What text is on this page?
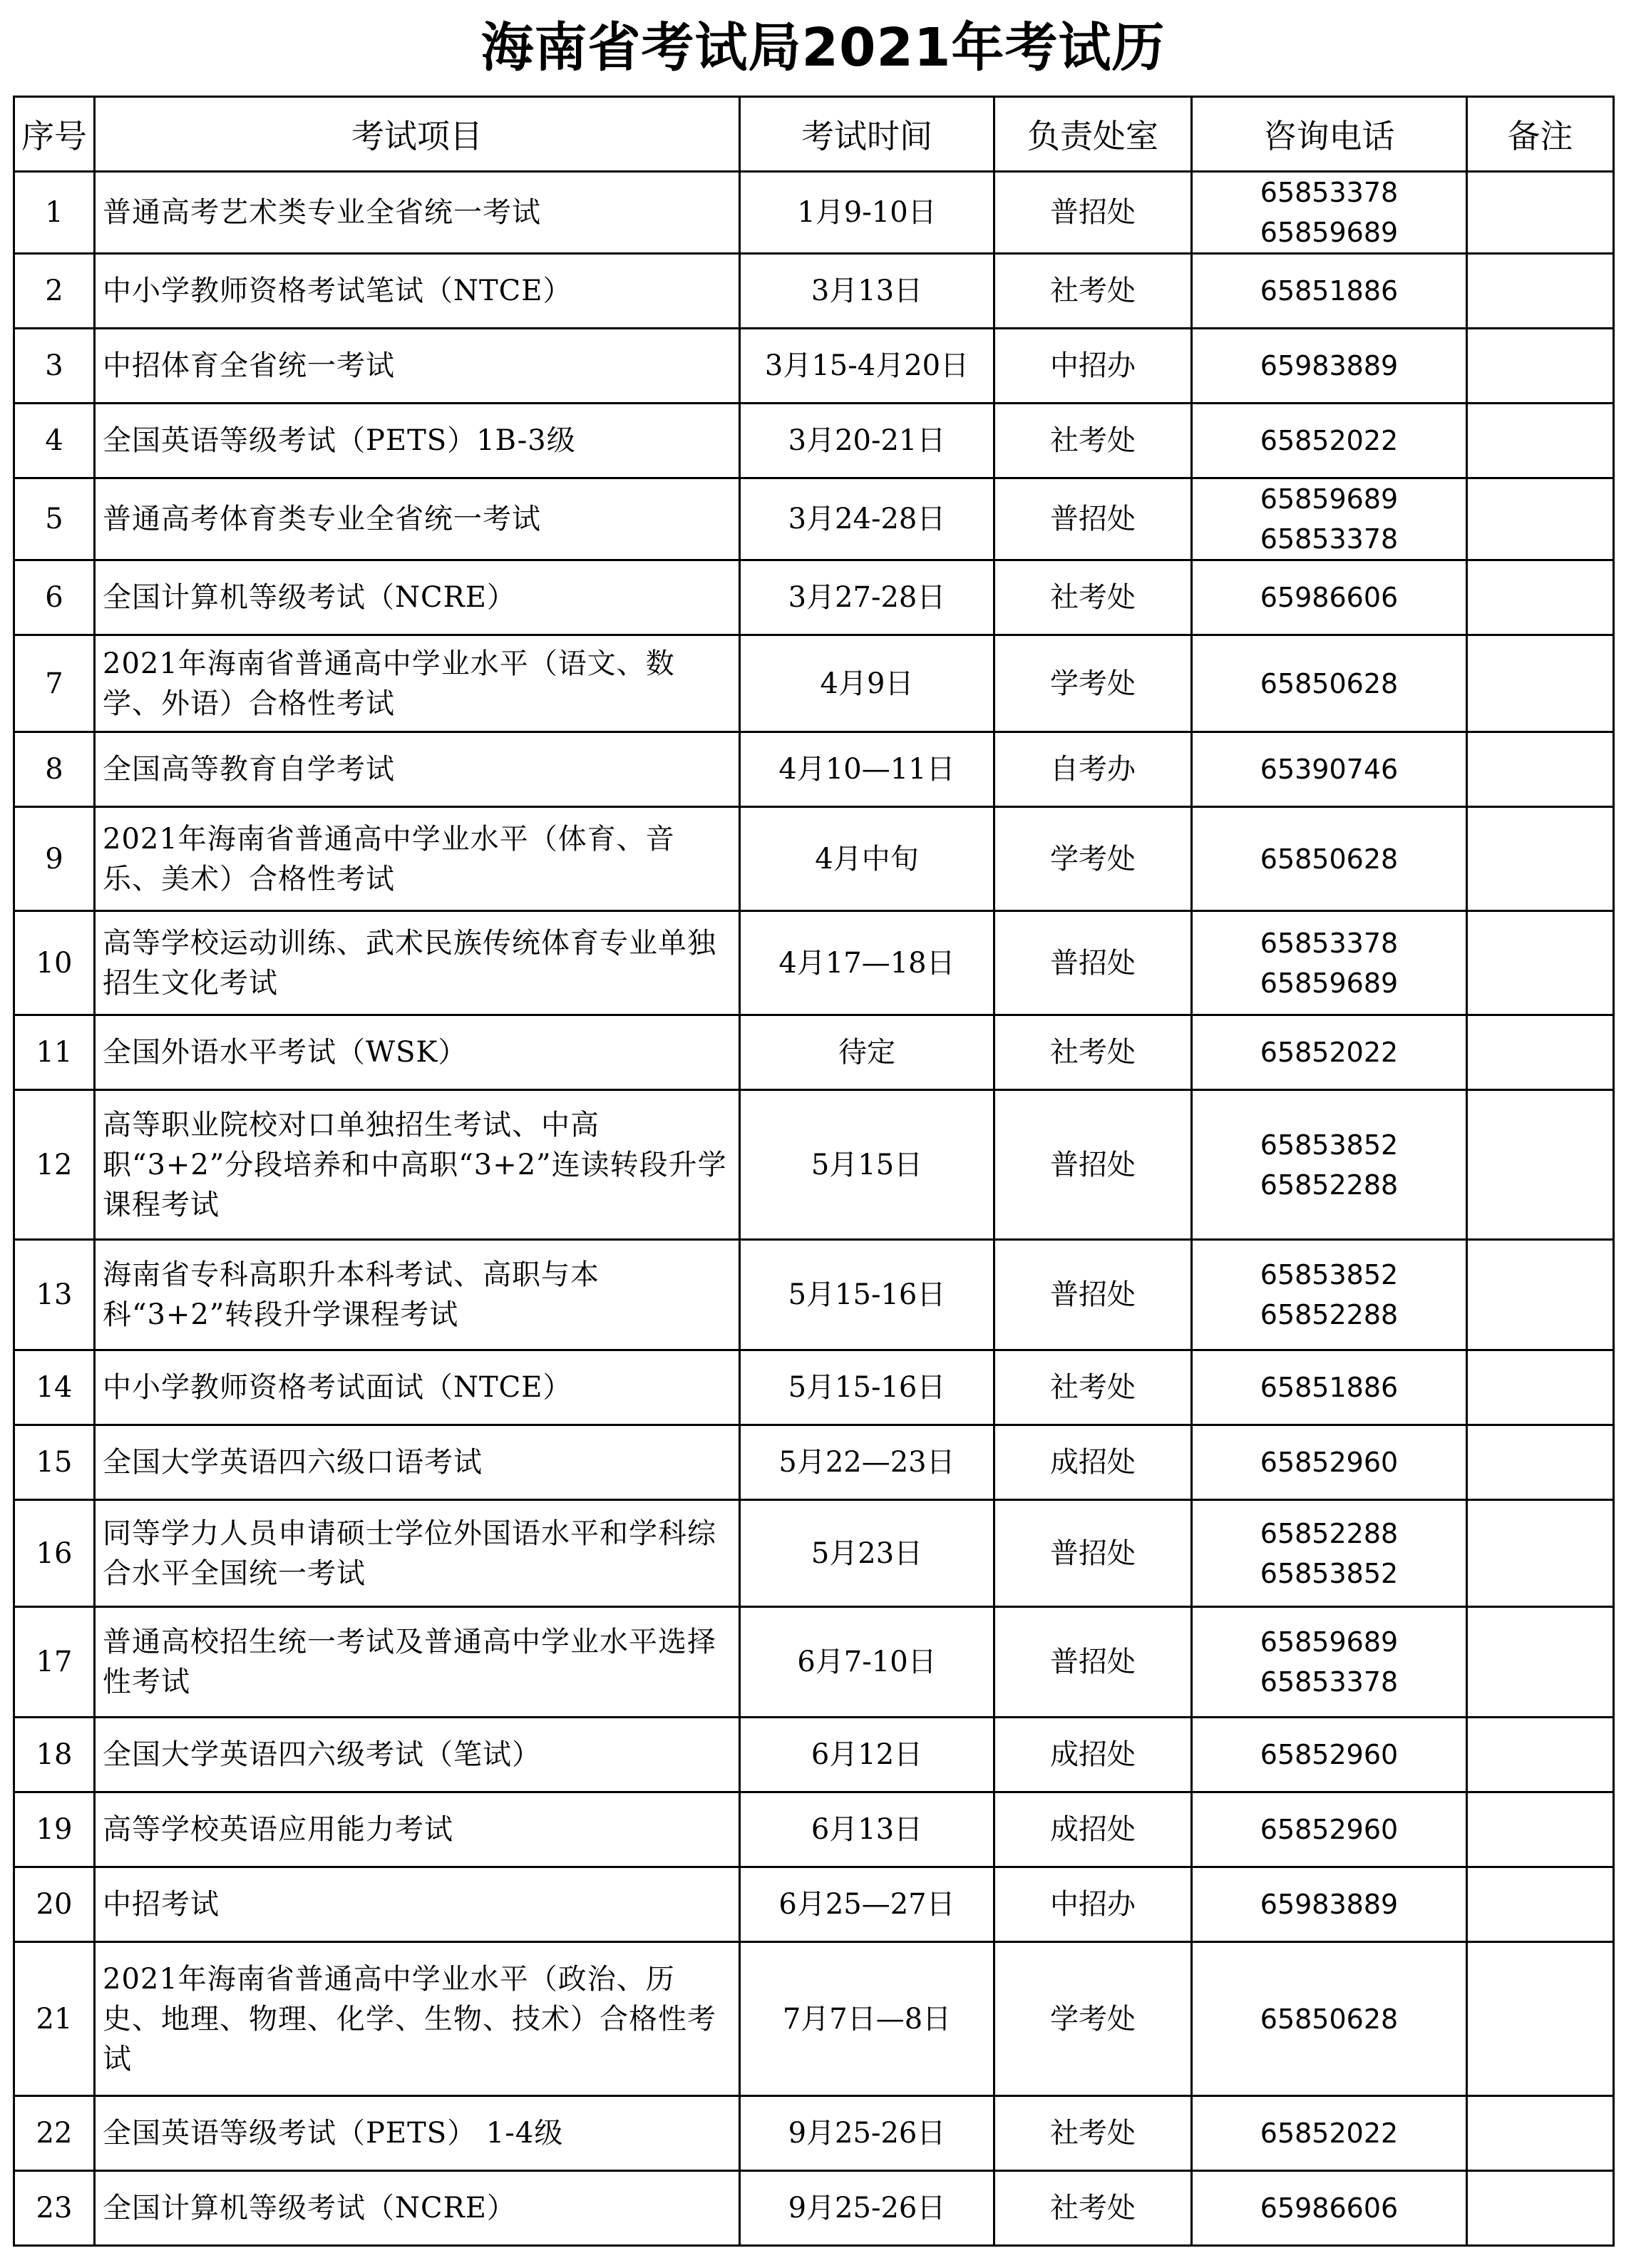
海南省考试局2021年考试历
序号	考试项目	考试时间	负责处室	咨询电话	备注
1	普通高考艺术类专业全省统一考试	1月9-10日	普招处	65853378
65859689	

2	中小学教师资格考试笔试（NTCE）	3月13日	社考处	65851886	

3	中招体育全省统一考试	3月15-4月20日	中招办	65983889	

4	全国英语等级考试（PETS）1B-3级	3月20-21日	社考处	65852022	

5	普通高考体育类专业全省统一考试	3月24-28日	普招处	65859689
65853378	

6	全国计算机等级考试（NCRE）	3月27-28日	社考处	65986606	

7	2021年海南省普通高中学业水平（语文、数学、外语）合格性考试	4月9日	学考处	65850628	

8	全国高等教育自学考试	4月10—11日	自考办	65390746	

9	2021年海南省普通高中学业水平（体育、音乐、美术）合格性考试	4月中旬	学考处	65850628	

10	高等学校运动训练、武术民族传统体育专业单独招生文化考试	4月17—18日	普招处	65853378
65859689	

11	全国外语水平考试（WSK）	待定	社考处	65852022	

12	高等职业院校对口单独招生考试、中高职“3+2”分段培养和中高职“3+2”连读转段升学课程考试	5月15日	普招处	65853852
65852288	

13	海南省专科高职升本科考试、高职与本科“3+2”转段升学课程考试	5月15-16日	普招处	65853852
65852288	

14	中小学教师资格考试面试（NTCE）	5月15-16日	社考处	65851886	

15	全国大学英语四六级口语考试	5月22—23日	成招处	65852960	

16	同等学力人员申请硕士学位外国语水平和学科综合水平全国统一考试	5月23日	普招处	65852288
65853852	

17	普通高校招生统一考试及普通高中学业水平选择性考试	6月7-10日	普招处	65859689
65853378	

18	全国大学英语四六级考试（笔试）	6月12日	成招处	65852960	

19	高等学校英语应用能力考试	6月13日	成招处	65852960	

20	中招考试	6月25—27日	中招办	65983889	

21	2021年海南省普通高中学业水平（政治、历史、地理、物理、化学、生物、技术）合格性考试	7月7日—8日	学考处	65850628	

22	全国英语等级考试（PETS） 1-4级	9月25-26日	社考处	65852022	

23	全国计算机等级考试（NCRE）	9月25-26日	社考处	65986606	
